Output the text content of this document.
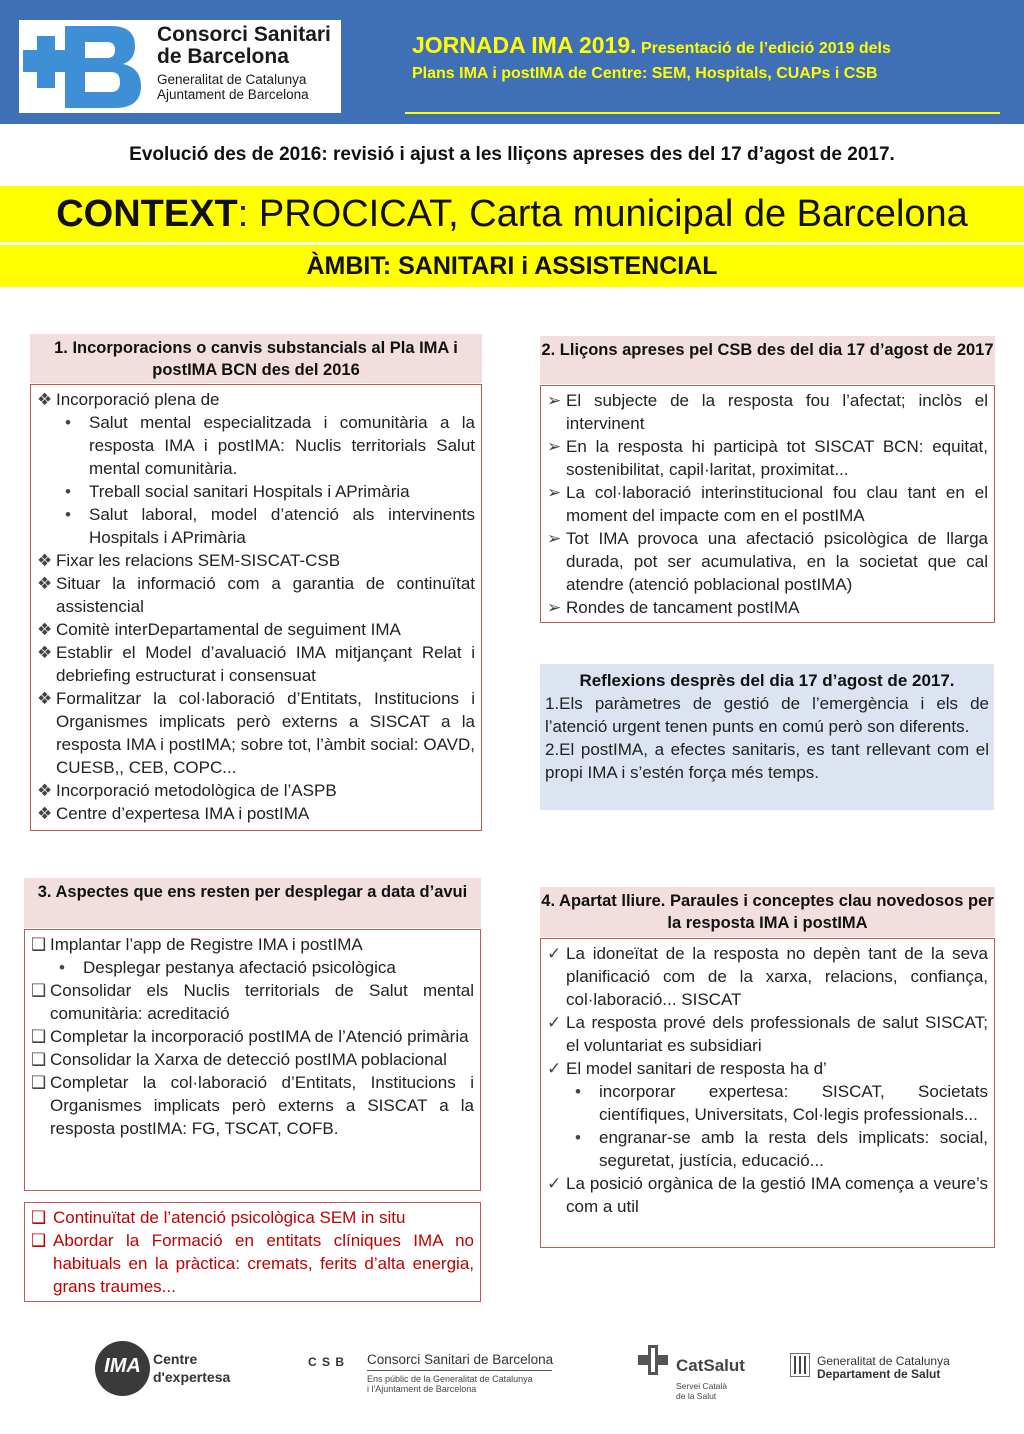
Consorci Sanitari
de Barcelona
Generalitat de Catalunya
Ajuntament de Barcelona
JORNADA IMA 2019. Presentació de l’edició 2019 dels
Plans IMA i postIMA de Centre: SEM, Hospitals, CUAPs i CSB
Evolució des de 2016: revisió i ajust a les lliçons apreses des del 17 d’agost de 2017.
CONTEXT: PROCICAT, Carta municipal de Barcelona
ÀMBIT: SANITARI i ASSISTENCIAL
1. Incorporacions o canvis substancials al Pla IMA i postIMA BCN des del 2016
❖ Incorporació plena de
•	Salut mental especialitzada i comunitària a la resposta IMA i postIMA: Nuclis territorials Salut mental comunitària.
•	Treball social sanitari Hospitals i APrimària
•	Salut laboral, model d’atenció als intervinents Hospitals i APrimària
❖ Fixar les relacions SEM-SISCAT-CSB
❖ Situar la informació com a garantia de continuïtat assistencial
❖ Comitè interDepartamental de seguiment IMA
❖ Establir el Model d’avaluació IMA mitjançant Relat i debriefing estructurat i consensuat
❖ Formalitzar la col·laboració d’Entitats, Institucions i Organismes implicats però externs a SISCAT a la resposta IMA i postIMA; sobre tot, l’àmbit social: OAVD, CUESB,, CEB, COPC...
❖ Incorporació metodològica de l’ASPB
❖ Centre d’expertesa IMA i postIMA
2. Lliçons apreses pel CSB des del dia 17 d’agost de 2017
➢ El subjecte de la resposta fou l’afectat; inclòs el intervinent
➢ En la resposta hi participà tot SISCAT BCN: equitat, sostenibilitat, capil·laritat, proximitat...
➢ La col·laboració interinstitucional fou clau tant en el moment del impacte com en el postIMA
➢ Tot IMA provoca una afectació psicològica de llarga durada, pot ser acumulativa, en la societat que cal atendre (atenció poblacional postIMA)
➢ Rondes de tancament postIMA
Reflexions desprès del dia 17 d’agost de 2017.
1.Els paràmetres de gestió de l’emergència i els de l’atenció urgent tenen punts en comú però son diferents.
2.El postIMA, a efectes sanitaris, es tant rellevant com el propi IMA i s’estén força més temps.
3. Aspectes que ens resten per desplegar a data d’avui
❑ Implantar l’app de Registre IMA i postIMA
•	Desplegar pestanya afectació psicològica
❑ Consolidar els Nuclis territorials de Salut mental comunitària: acreditació
❑ Completar la incorporació postIMA de l’Atenció primària
❑ Consolidar la Xarxa de detecció postIMA poblacional
❑ Completar la col·laboració d’Entitats, Institucions i Organismes implicats però externs a SISCAT a la resposta postIMA: FG, TSCAT, COFB.
❑ Continuïtat de l’atenció psicològica SEM in situ
❑ Abordar la Formació en entitats clíniques IMA no habituals en la pràctica: cremats, ferits d’alta energia, grans traumes...
4. Apartat lliure. Paraules i conceptes clau novedosos per la resposta IMA i postIMA
✓ La idoneïtat de la resposta no depèn tant de la seva planificació com de la xarxa, relacions, confiança, col·laboració... SISCAT
✓ La resposta prové dels professionals de salut SISCAT; el voluntariat es subsidiari
✓ El model sanitari de resposta ha d’
•	incorporar expertesa: SISCAT, Societats científiques, Universitats, Col·legis professionals...
•	engranar-se amb la resta dels implicats: social, seguretat, justícia, educació...
✓ La posició orgànica de la gestió IMA comença a veure’s com a util
IMA Centre
d'expertesa
C S B Consorci Sanitari de Barcelona
Ens públic de la Generalitat de Catalunya
i l'Ajuntament de Barcelona
CatSalut
Servei Català
de la Salut
Generalitat de Catalunya
Departament de Salut
